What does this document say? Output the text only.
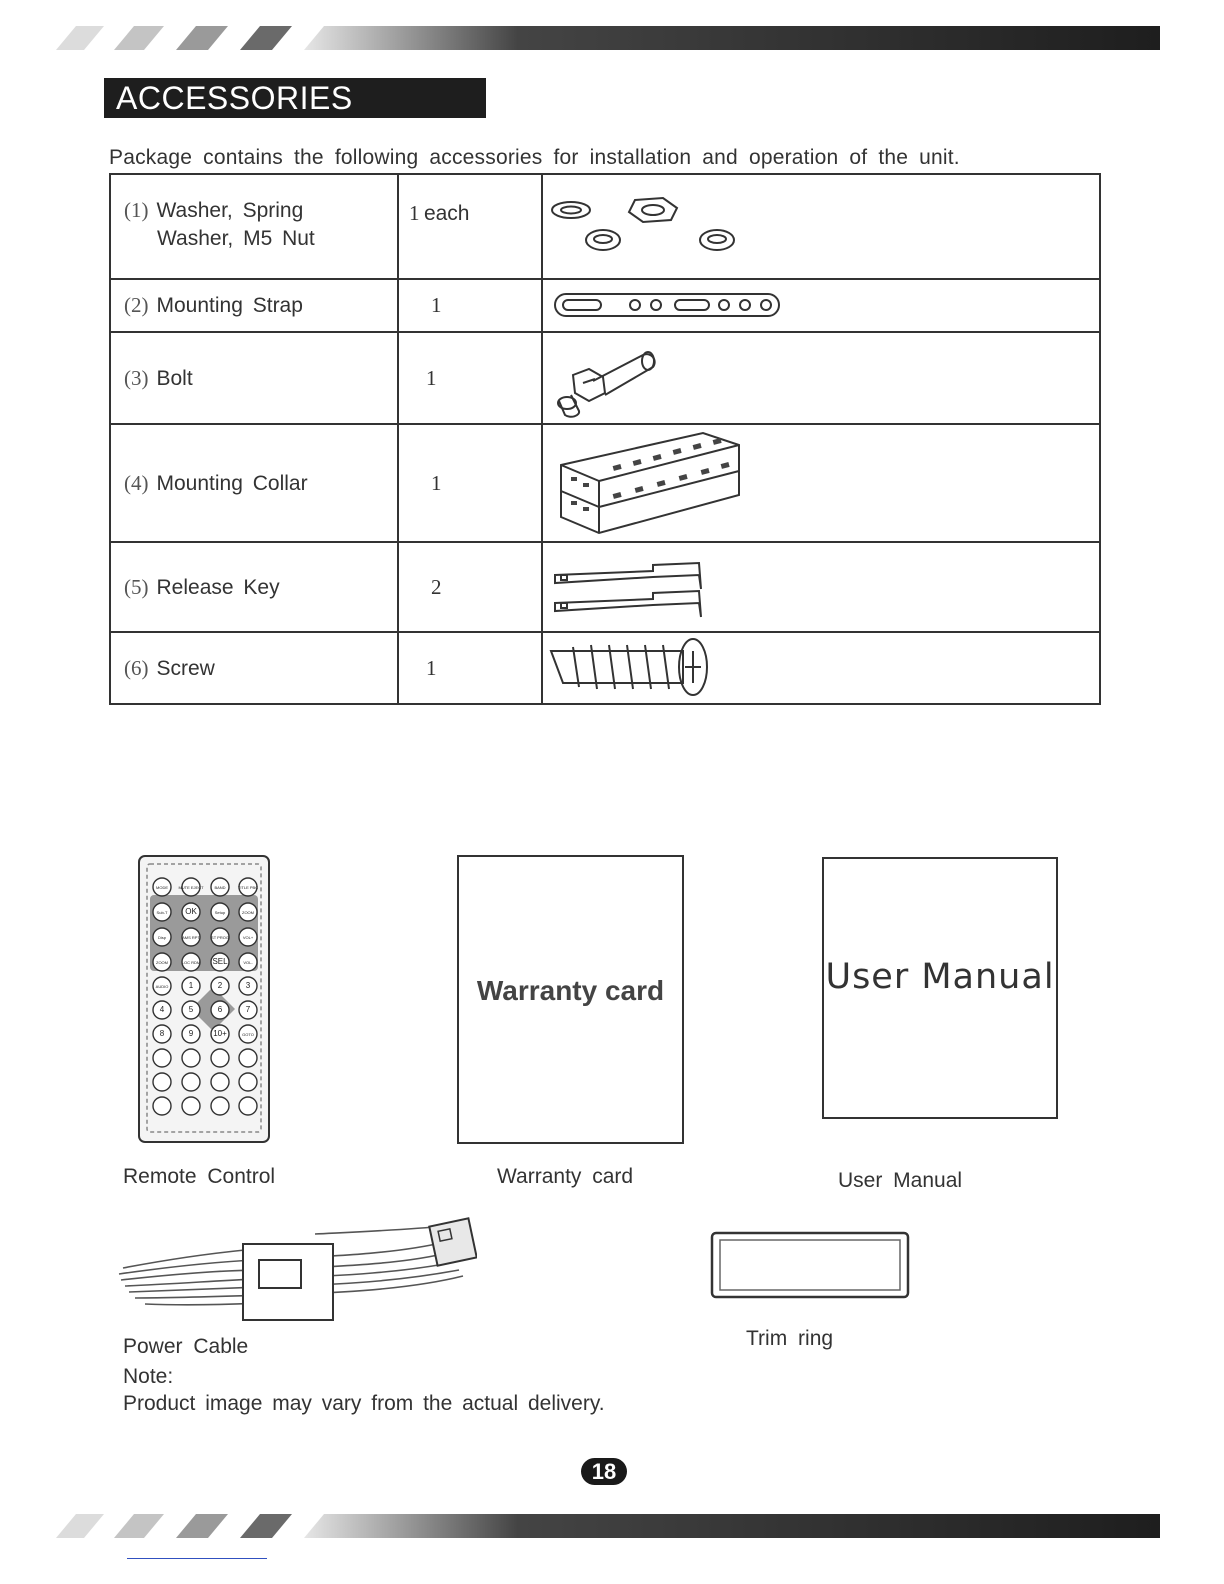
ACCESSORIES
Package contains the following accessories for installation and operation of the unit.
(1) Washer, Spring
Washer, M5 Nut	1 each

(2) Mounting Strap	1

(3) Bolt	1

(4) Mounting Collar	1

(5) Release Key	2

(6) Screw	1

MODE	MUTE EJECT	BAND	TITLE PBC
Sub-T OK	Setup	ZOOM
Disp	AMS RPT	ST PROG	VOL+
ZOOM	LOC RDM SEL	VOL-
AUDIO	1	2	3
4	5	6	7
8	9 10+	GOTO
Remote Control
Warranty card
Warranty card
User Manual
User Manual
Power Cable	Trim ring
Note:
Product image may vary from the actual delivery.
18
